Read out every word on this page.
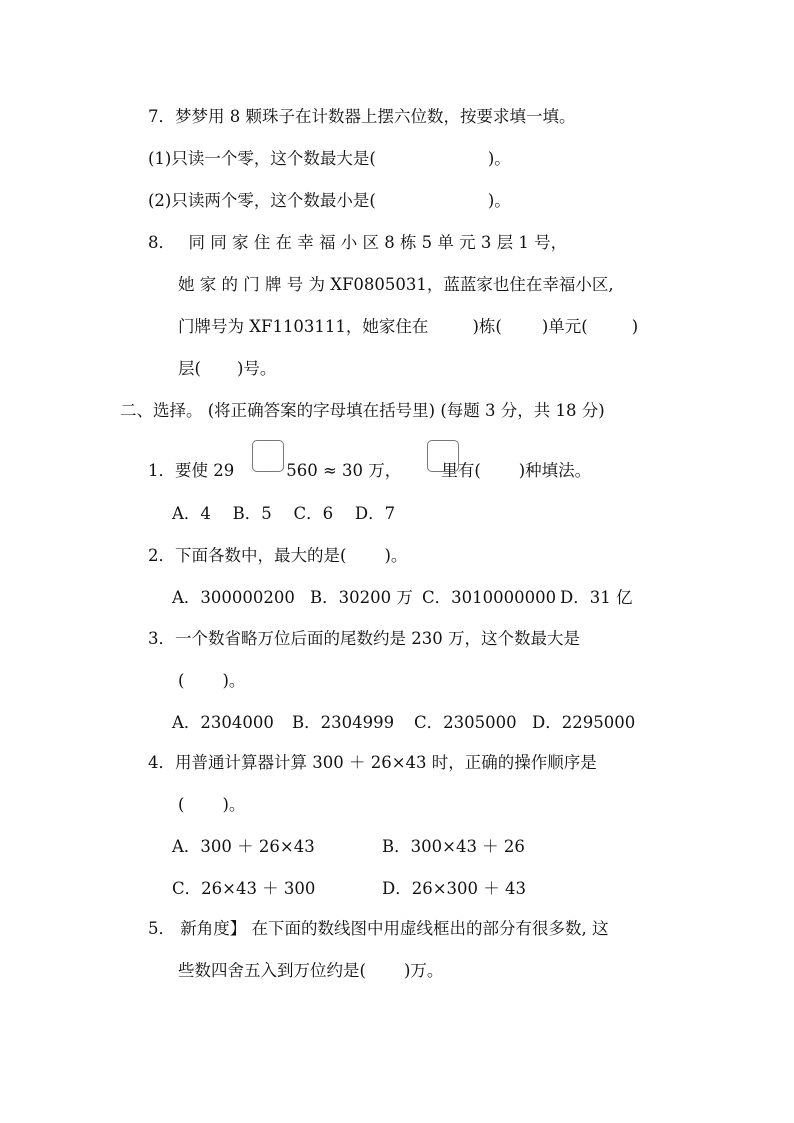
7．梦梦用 8 颗珠子在计数器上摆六位数，按要求填一填。
(1)只读一个零，这个数最大是(	)。
(2)只读两个零，这个数最小是(	)。
8．　 同 同 家 住 在 幸 福 小 区 8 栋 5 单 元 3 层 1 号，
她 家 的 门 牌 号 为 XF0805031，蓝蓝家也住在幸福小区,
门牌号为 XF1103111，她家住在	)栋( )单元(	)
层( )号。
二、选择。 (将正确答案的字母填在括号里) (每题 3 分，共 18 分)
1．要使 29	560 ≈ 30 万， 里有( )种填法。
A．4　 B．5　 C．6　 D．7
2．下面各数中，最大的是( )。
A．300000200 B．30200 万 C．3010000000 D．31 亿
3．一个数省略万位后面的尾数约是 230 万，这个数最大是
( )。
A．2304000 B．2304999 C．2305000 D．2295000
4．用普通计算器计算 300 ＋ 26×43 时，正确的操作顺序是
( )。
A．300 ＋ 26×43	B．300×43 ＋ 26
C．26×43 ＋ 300	D．26×300 ＋ 43
5． 新角度】 在下面的数线图中用虚线框出的部分有很多数, 这
些数四舍五入到万位约是( )万。
